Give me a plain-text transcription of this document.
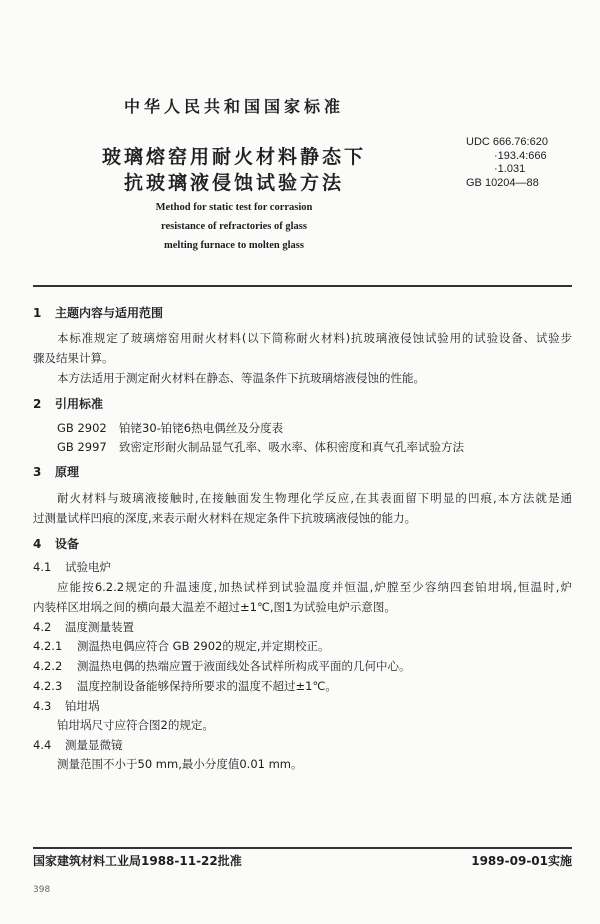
中华人民共和国国家标准
玻璃熔窑用耐火材料静态下
抗玻璃液侵蚀试验方法
Method for static test for corrasion
resistance of refractories of glass
melting furnace to molten glass
UDC 666.76:620
·193.4:666
·1.031
GB 10204—88
1 主题内容与适用范围
本标准规定了玻璃熔窑用耐火材料(以下简称耐火材料)抗玻璃液侵蚀试验用的试验设备、试验步
骤及结果计算。
本方法适用于测定耐火材料在静态、等温条件下抗玻璃熔液侵蚀的性能。
2 引用标准
GB 2902 铂铑30-铂铑6热电偶丝及分度表
GB 2997 致密定形耐火制品显气孔率、吸水率、体积密度和真气孔率试验方法
3 原理
耐火材料与玻璃液接触时,在接触面发生物理化学反应,在其表面留下明显的凹痕,本方法就是通
过测量试样凹痕的深度,来表示耐火材料在规定条件下抗玻璃液侵蚀的能力。
4 设备
4.1 试验电炉
应能按6.2.2规定的升温速度,加热试样到试验温度并恒温,炉膛至少容纳四套铂坩埚,恒温时,炉
内装样区坩埚之间的横向最大温差不超过±1℃,图1为试验电炉示意图。
4.2 温度测量装置
4.2.1 测温热电偶应符合 GB 2902的规定,并定期校正。
4.2.2 测温热电偶的热端应置于液面线处各试样所构成平面的几何中心。
4.2.3 温度控制设备能够保持所要求的温度不超过±1℃。
4.3 铂坩埚
铂坩埚尺寸应符合图2的规定。
4.4 测量显微镜
测量范围不小于50 mm,最小分度值0.01 mm。
国家建筑材料工业局1988-11-22批准	1989-09-01实施
398
